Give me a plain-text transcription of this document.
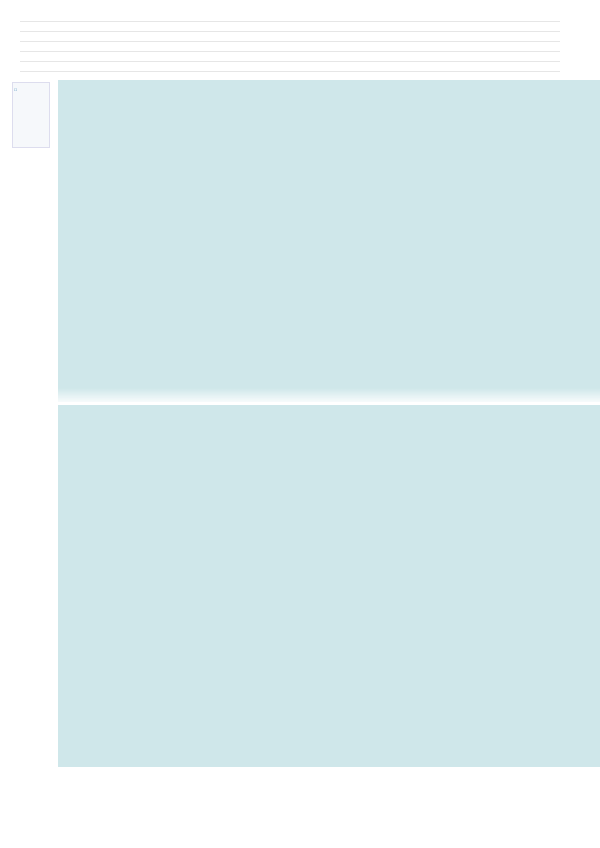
☐
